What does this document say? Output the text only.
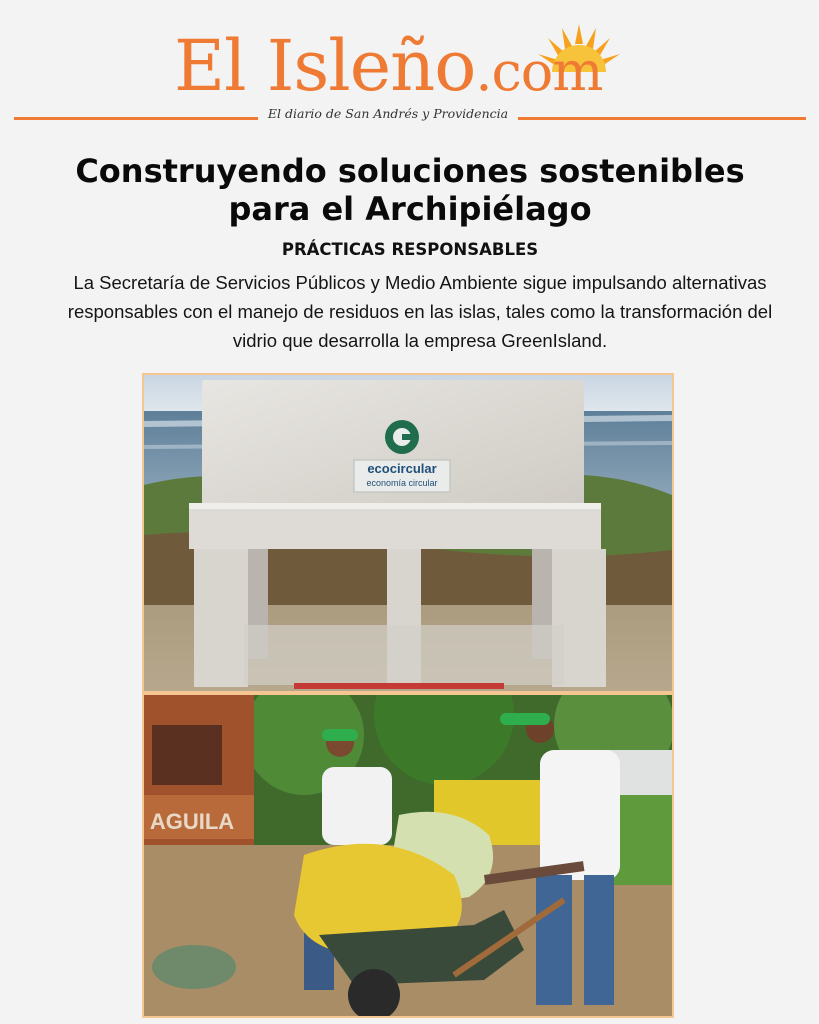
El Isleño.com
El diario de San Andrés y Providencia
Construyendo soluciones sostenibles para el Archipiélago
PRÁCTICAS RESPONSABLES

La Secretaría de Servicios Públicos y Medio Ambiente sigue impulsando alternativas responsables con el manejo de residuos en las islas, tales como la transformación del vidrio que desarrolla la empresa GreenIsland.

ecocircular
economía circular
AGUILA
